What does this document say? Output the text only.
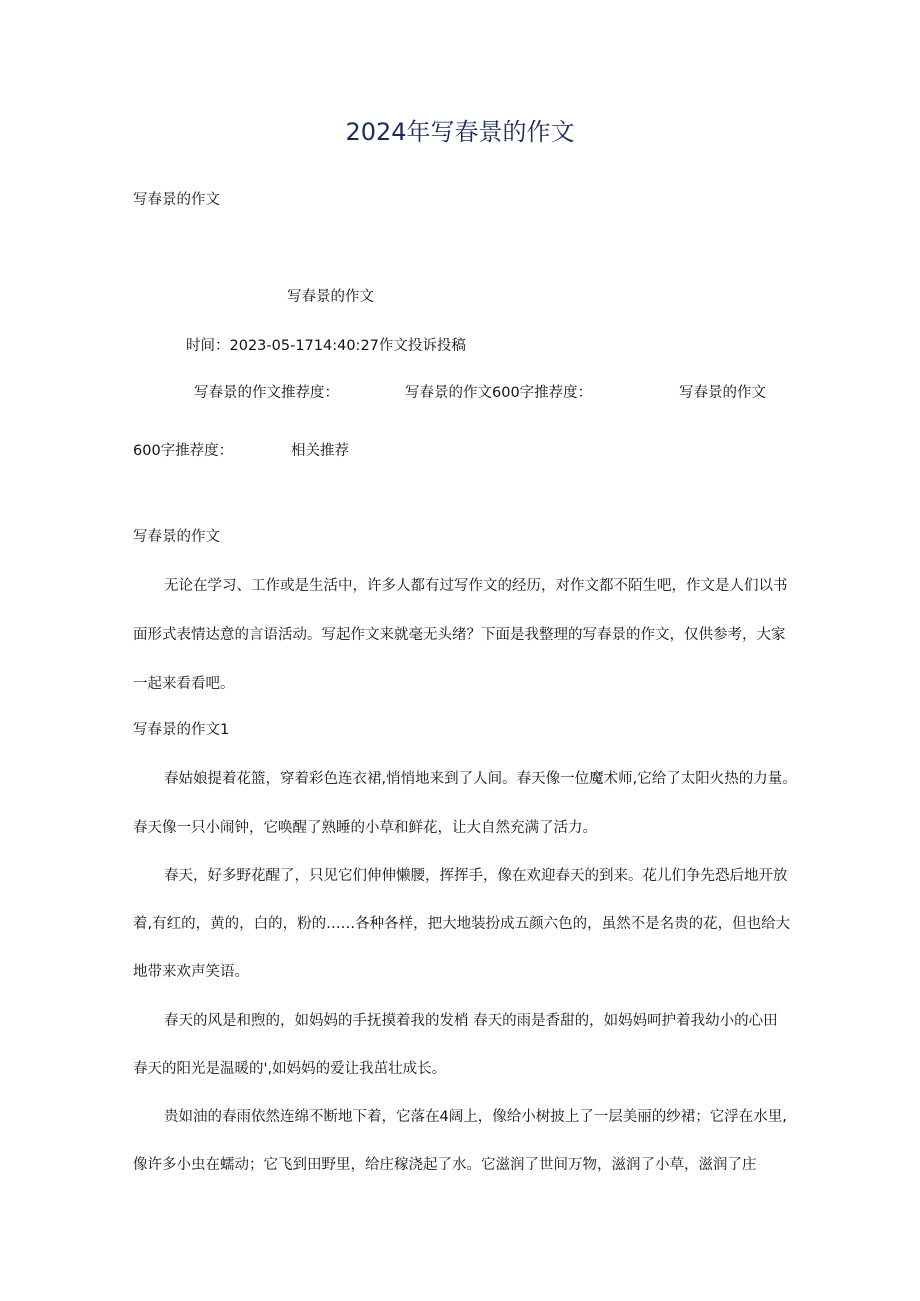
2024年写春景的作文

写春景的作文

写春景的作文

时间：2023-05-1714:40:27作文投诉投稿

写春景的作文推荐度：	写春景的作文600字推荐度：	写春景的作文

600字推荐度：	相关推荐

写春景的作文

无论在学习、工作或是生活中，许多人都有过写作文的经历，对作文都不陌生吧，作文是人们以书

面形式表情达意的言语活动。写起作文来就毫无头绪？下面是我整理的写春景的作文，仅供参考，大家

一起来看看吧。

写春景的作文1

春姑娘提着花篮，穿着彩色连衣裙,悄悄地来到了人间。春天像一位魔术师,它给了太阳火热的力量。

春天像一只小闹钟，它唤醒了熟睡的小草和鲜花，让大自然充满了活力。

春天，好多野花醒了，只见它们伸伸懒腰，挥挥手，像在欢迎春天的到来。花儿们争先恐后地开放

着,有红的，黄的，白的，粉的……各种各样，把大地装扮成五颜六色的，虽然不是名贵的花，但也给大

地带来欢声笑语。

春天的风是和煦的，如妈妈的手抚摸着我的发梢 春天的雨是香甜的，如妈妈呵护着我幼小的心田

春天的阳光是温暖的',如妈妈的爱让我茁壮成长。

贵如油的春雨依然连绵不断地下着，它落在4阔上，像给小树披上了一层美丽的纱裙；它浮在水里,

像许多小虫在蠕动；它飞到田野里，给庄稼浇起了水。它滋润了世间万物，滋润了小草，滋润了庄
